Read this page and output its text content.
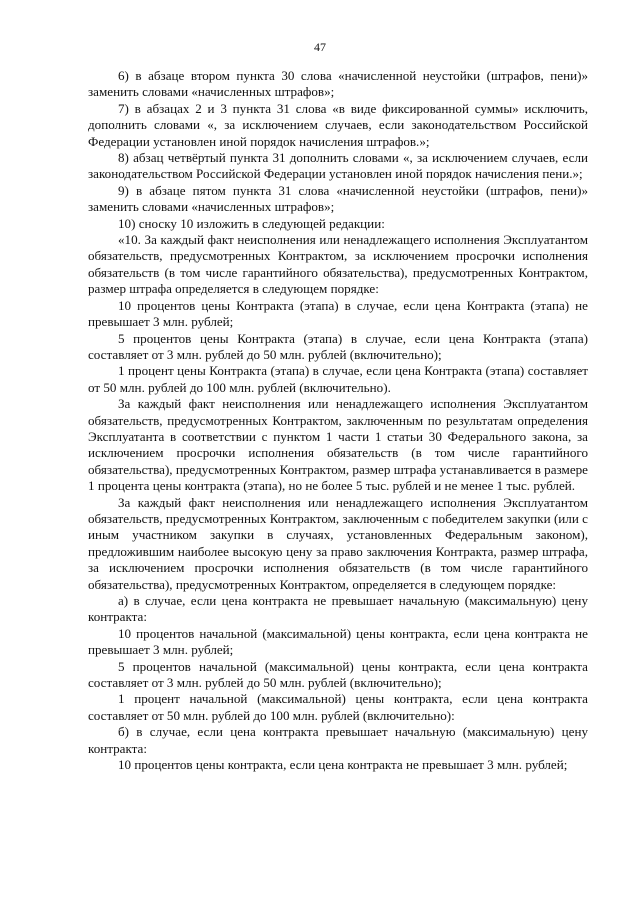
47

6) в абзаце втором пункта 30 слова «начисленной неустойки (штрафов, пени)» заменить словами «начисленных штрафов»;

7) в абзацах 2 и 3 пункта 31 слова «в виде фиксированной суммы» исключить, дополнить словами «, за исключением случаев, если законодательством Российской Федерации установлен иной порядок начисления штрафов.»;

8) абзац четвёртый пункта 31 дополнить словами «, за исключением случаев, если законодательством Российской Федерации установлен иной порядок начисления пени.»;

9) в абзаце пятом пункта 31 слова «начисленной неустойки (штрафов, пени)» заменить словами «начисленных штрафов»;

10) сноску 10 изложить в следующей редакции:

«10. За каждый факт неисполнения или ненадлежащего исполнения Эксплуатантом обязательств, предусмотренных Контрактом, за исключением просрочки исполнения обязательств (в том числе гарантийного обязательства), предусмотренных Контрактом, размер штрафа определяется в следующем порядке:

10 процентов цены Контракта (этапа) в случае, если цена Контракта (этапа) не превышает 3 млн. рублей;

5 процентов цены Контракта (этапа) в случае, если цена Контракта (этапа) составляет от 3 млн. рублей до 50 млн. рублей (включительно);

1 процент цены Контракта (этапа) в случае, если цена Контракта (этапа) составляет от 50 млн. рублей до 100 млн. рублей (включительно).

За каждый факт неисполнения или ненадлежащего исполнения Эксплуатантом обязательств, предусмотренных Контрактом, заключенным по результатам определения Эксплуатанта в соответствии с пунктом 1 части 1 статьи 30 Федерального закона, за исключением просрочки исполнения обязательств (в том числе гарантийного обязательства), предусмотренных Контрактом, размер штрафа устанавливается в размере 1 процента цены контракта (этапа), но не более 5 тыс. рублей и не менее 1 тыс. рублей.

За каждый факт неисполнения или ненадлежащего исполнения Эксплуатантом обязательств, предусмотренных Контрактом, заключенным с победителем закупки (или с иным участником закупки в случаях, установленных Федеральным законом), предложившим наиболее высокую цену за право заключения Контракта, размер штрафа, за исключением просрочки исполнения обязательств (в том числе гарантийного обязательства), предусмотренных Контрактом, определяется в следующем порядке:

а) в случае, если цена контракта не превышает начальную (максимальную) цену контракта:

10 процентов начальной (максимальной) цены контракта, если цена контракта не превышает 3 млн. рублей;

5 процентов начальной (максимальной) цены контракта, если цена контракта составляет от 3 млн. рублей до 50 млн. рублей (включительно);

1 процент начальной (максимальной) цены контракта, если цена контракта составляет от 50 млн. рублей до 100 млн. рублей (включительно):

б) в случае, если цена контракта превышает начальную (максимальную) цену контракта:

10 процентов цены контракта, если цена контракта не превышает 3 млн. рублей;
